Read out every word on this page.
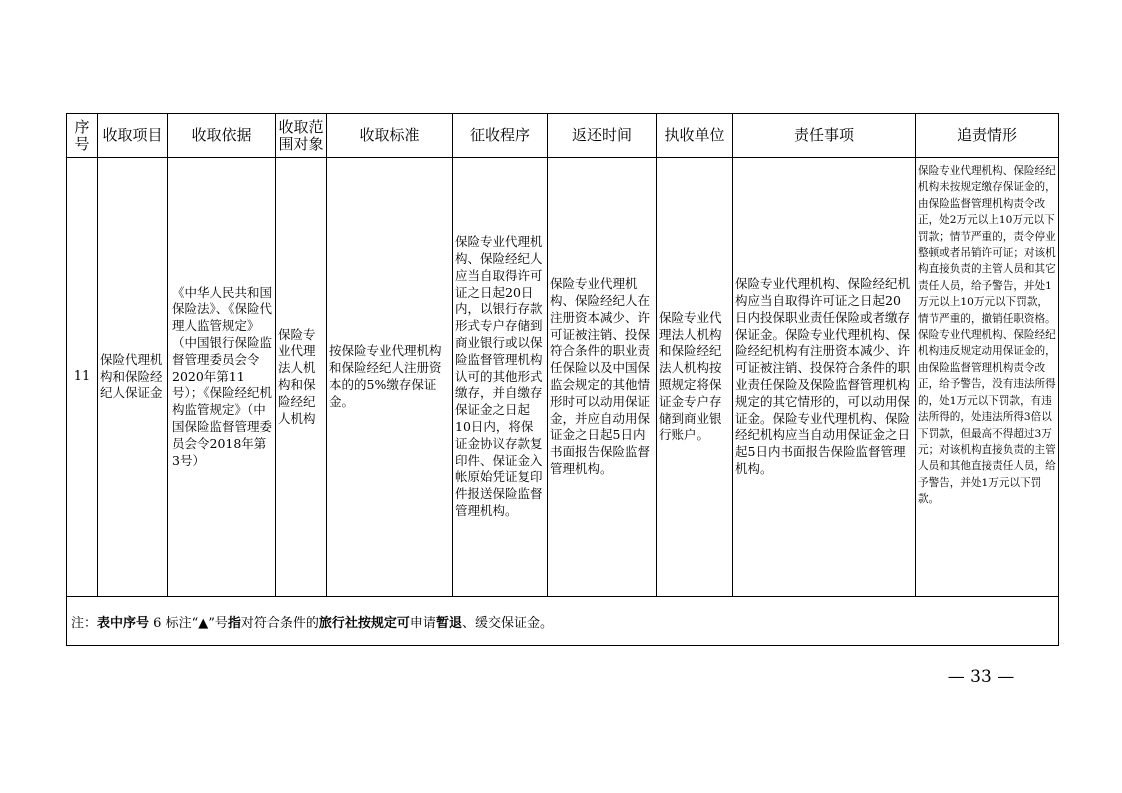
序号	收取项目	收取依据	收取范围对象	收取标准	征收程序	返还时间	执收单位	责任事项	追责情形

11	保险代理机构和保险经纪人保证金	《中华人民共和国保险法》、《保险代理人监管规定》（中国银行保险监督管理委员会令2020年第11号）；《保险经纪机构监管规定》（中国保险监督管理委员会令2018年第3号）	保险专业代理法人机构和保险经纪人机构	按保险专业代理机构和保险经纪人注册资本的的5%缴存保证金。	保险专业代理机构、保险经纪人应当自取得许可证之日起20日内，以银行存款形式专户存储到商业银行或以保险监督管理机构认可的其他形式缴存，并自缴存保证金之日起10日内，将保证金协议存款复印件、保证金入帐原始凭证复印件报送保险监督管理机构。	保险专业代理机构、保险经纪人在注册资本减少、许可证被注销、投保符合条件的职业责任保险以及中国保监会规定的其他情形时可以动用保证金，并应自动用保证金之日起5日内书面报告保险监督管理机构。	保险专业代理法人机构和保险经纪法人机构按照规定将保证金专户存储到商业银行账户。	保险专业代理机构、保险经纪机构应当自取得许可证之日起20日内投保职业责任保险或者缴存保证金。保险专业代理机构、保险经纪机构有注册资本减少、许可证被注销、投保符合条件的职业责任保险及保险监督管理机构规定的其它情形的，可以动用保证金。保险专业代理机构、保险经纪机构应当自动用保证金之日起5日内书面报告保险监督管理机构。	保险专业代理机构、保险经纪机构未按规定缴存保证金的，由保险监督管理机构责令改正，处2万元以上10万元以下罚款；情节严重的，责令停业整顿或者吊销许可证；对该机构直接负责的主管人员和其它责任人员，给予警告，并处1万元以上10万元以下罚款，情节严重的，撤销任职资格。保险专业代理机构、保险经纪机构违反规定动用保证金的，由保险监督管理机构责令改正，给予警告，没有违法所得的，处1万元以下罚款，有违法所得的，处违法所得3倍以下罚款，但最高不得超过3万元；对该机构直接负责的主管人员和其他直接责任人员，给予警告，并处1万元以下罚款。

注：表中序号 6 标注“▲”号指对符合条件的旅行社按规定可申请暂退、缓交保证金。									
— 33 —
